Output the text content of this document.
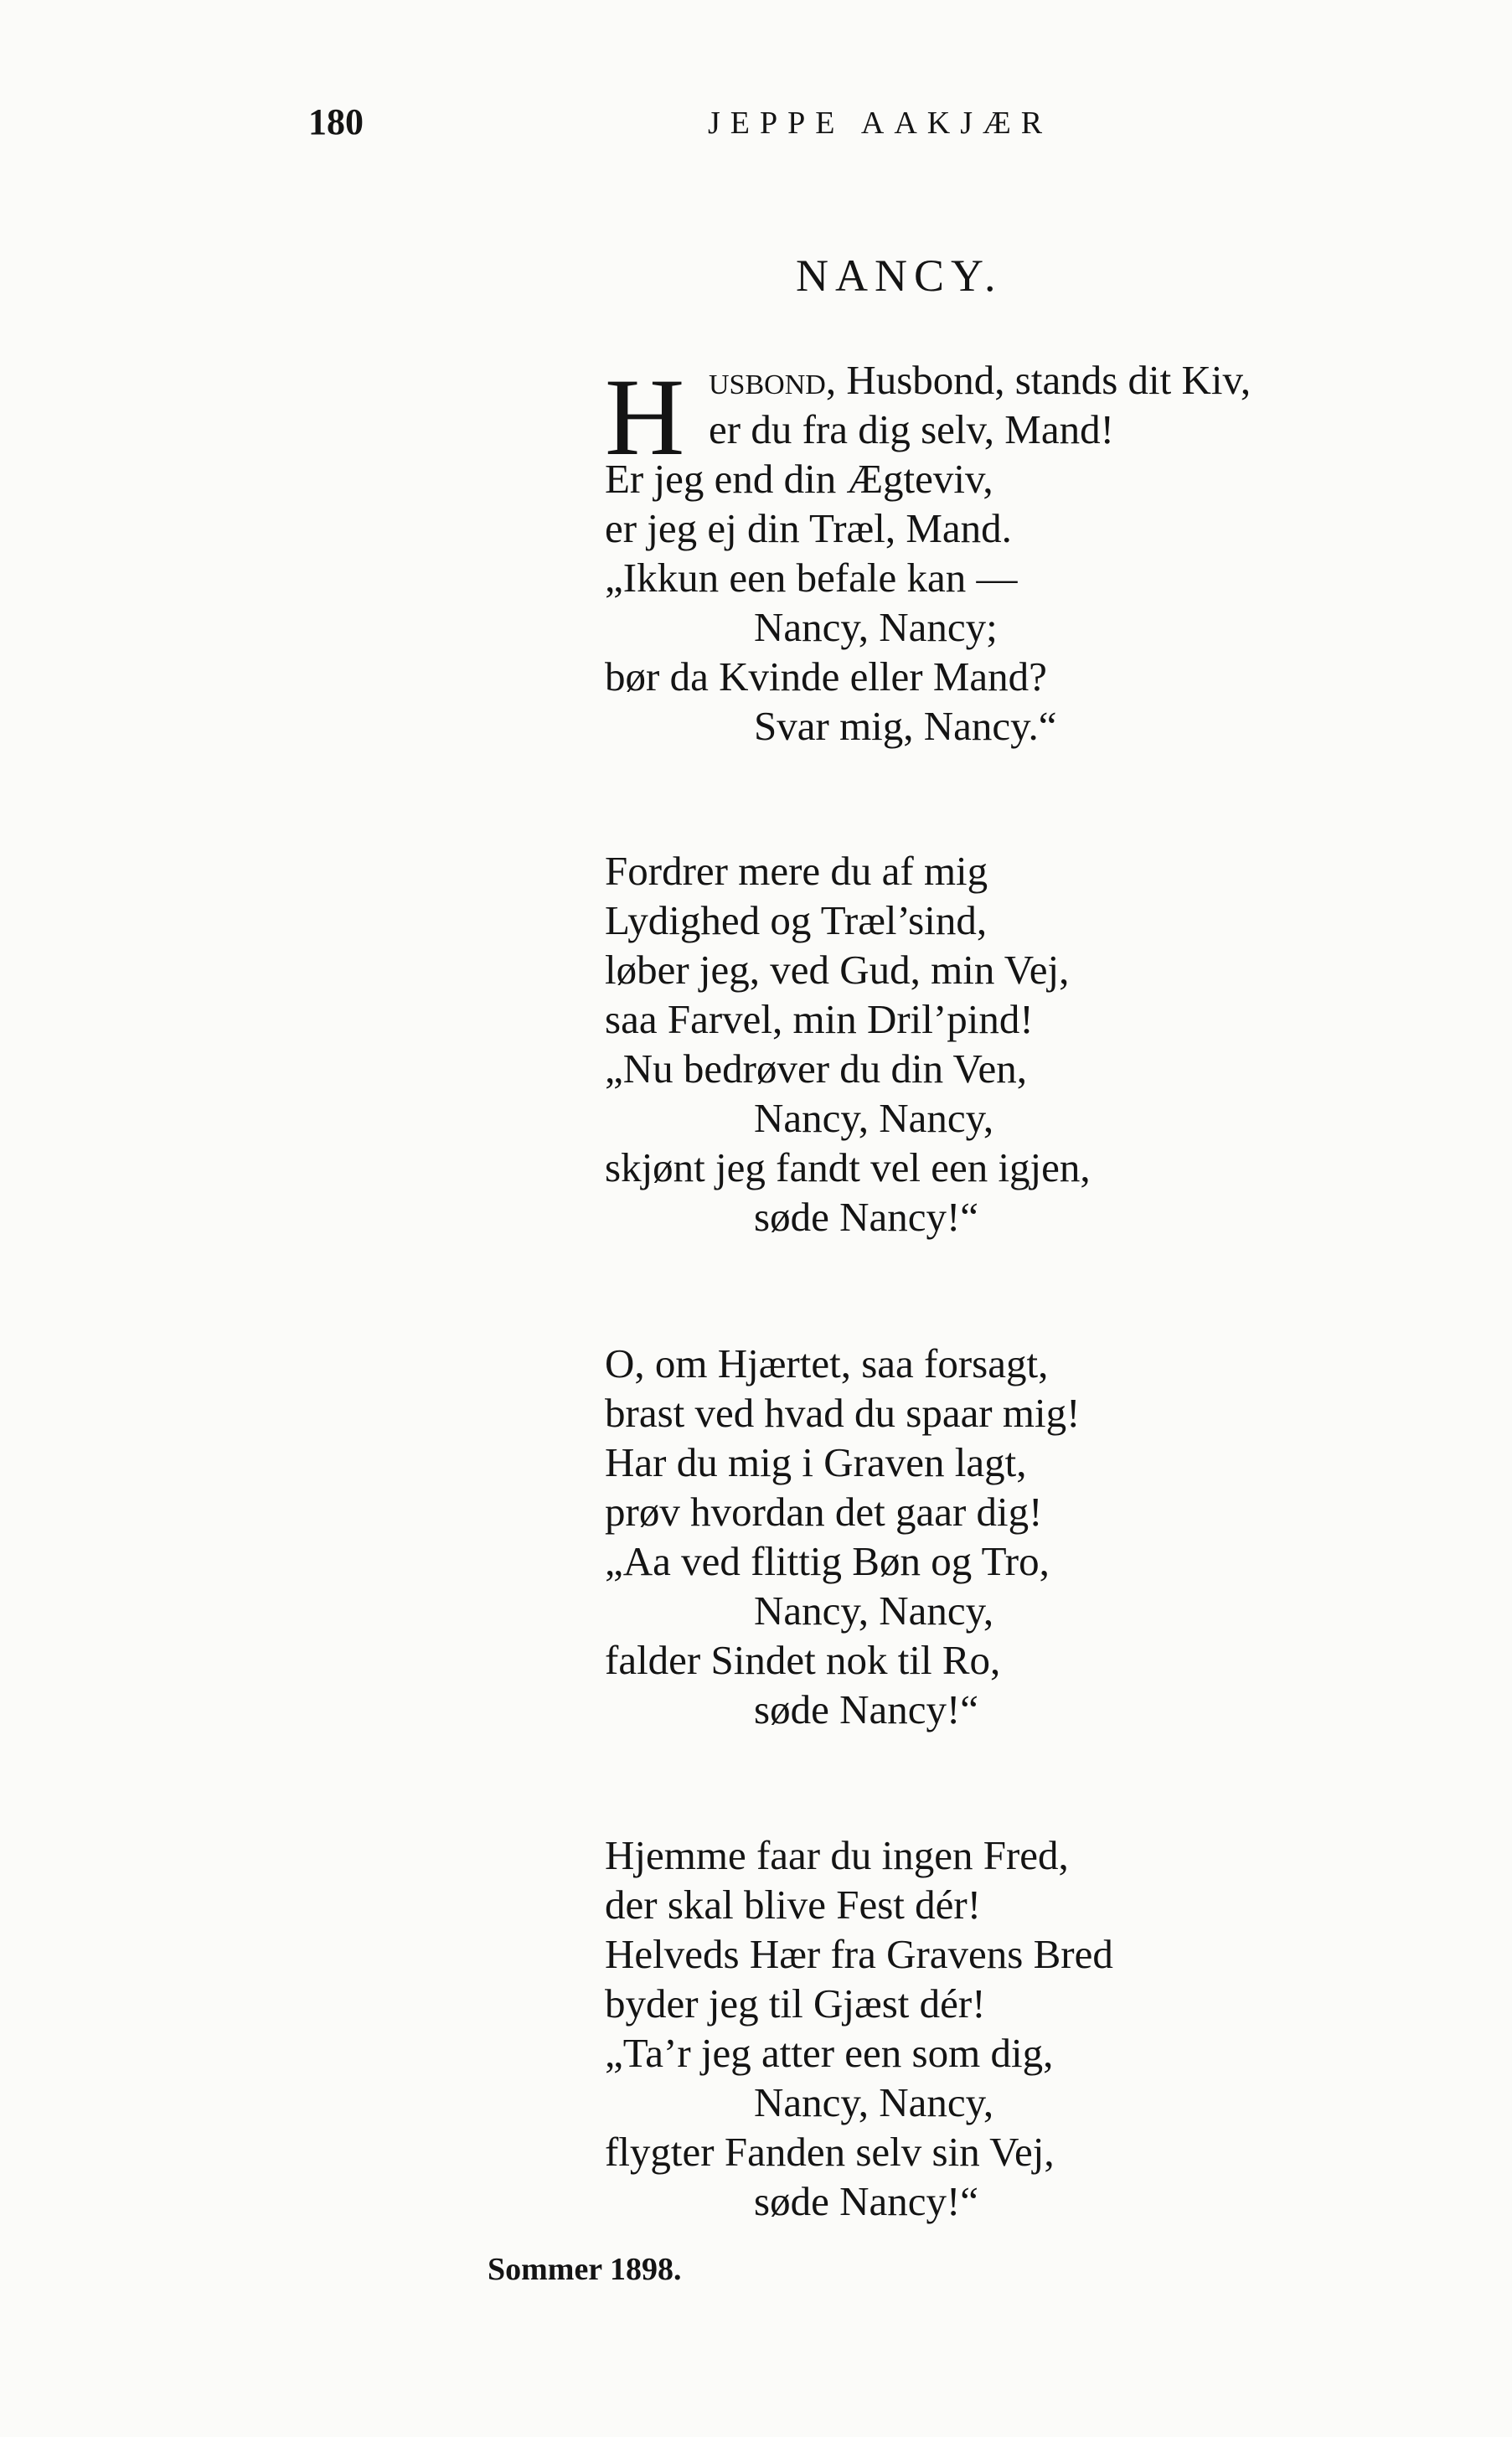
180	JEPPE AAKJÆR
NANCY.
H usbond, Husbond, stands dit Kiv,
er du fra dig selv, Mand!
Er jeg end din Ægteviv,
er jeg ej din Træl, Mand.
„Ikkun een befale kan —
Nancy, Nancy;
bør da Kvinde eller Mand?
Svar mig, Nancy.“
Fordrer mere du af mig
Lydighed og Træl’sind,
løber jeg, ved Gud, min Vej,
saa Farvel, min Dril’pind!
„Nu bedrøver du din Ven,
Nancy, Nancy,
skjønt jeg fandt vel een igjen,
søde Nancy!“
O, om Hjærtet, saa forsagt,
brast ved hvad du spaar mig!
Har du mig i Graven lagt,
prøv hvordan det gaar dig!
„Aa ved flittig Bøn og Tro,
Nancy, Nancy,
falder Sindet nok til Ro,
søde Nancy!“
Hjemme faar du ingen Fred,
der skal blive Fest dér!
Helveds Hær fra Gravens Bred
byder jeg til Gjæst dér!
„Ta’r jeg atter een som dig,
Nancy, Nancy,
flygter Fanden selv sin Vej,
søde Nancy!“
Sommer 1898.
